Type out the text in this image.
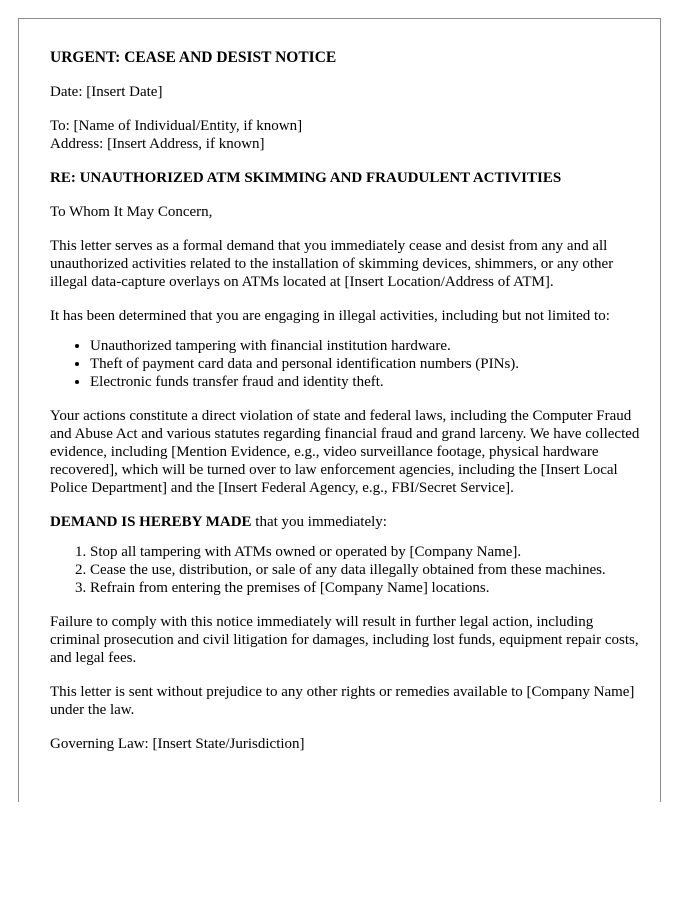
URGENT: CEASE AND DESIST NOTICE

Date: [Insert Date]

To: [Name of Individual/Entity, if known]
Address: [Insert Address, if known]

RE: UNAUTHORIZED ATM SKIMMING AND FRAUDULENT ACTIVITIES

To Whom It May Concern,

This letter serves as a formal demand that you immediately cease and desist from any and all unauthorized activities related to the installation of skimming devices, shimmers, or any other illegal data-capture overlays on ATMs located at [Insert Location/Address of ATM].

It has been determined that you are engaging in illegal activities, including but not limited to:

• Unauthorized tampering with financial institution hardware.
• Theft of payment card data and personal identification numbers (PINs).
• Electronic funds transfer fraud and identity theft.

Your actions constitute a direct violation of state and federal laws, including the Computer Fraud and Abuse Act and various statutes regarding financial fraud and grand larceny. We have collected evidence, including [Mention Evidence, e.g., video surveillance footage, physical hardware recovered], which will be turned over to law enforcement agencies, including the [Insert Local Police Department] and the [Insert Federal Agency, e.g., FBI/Secret Service].

DEMAND IS HEREBY MADE that you immediately:

1. Stop all tampering with ATMs owned or operated by [Company Name].
2. Cease the use, distribution, or sale of any data illegally obtained from these machines.
3. Refrain from entering the premises of [Company Name] locations.

Failure to comply with this notice immediately will result in further legal action, including criminal prosecution and civil litigation for damages, including lost funds, equipment repair costs, and legal fees.

This letter is sent without prejudice to any other rights or remedies available to [Company Name] under the law.

Governing Law: [Insert State/Jurisdiction]
